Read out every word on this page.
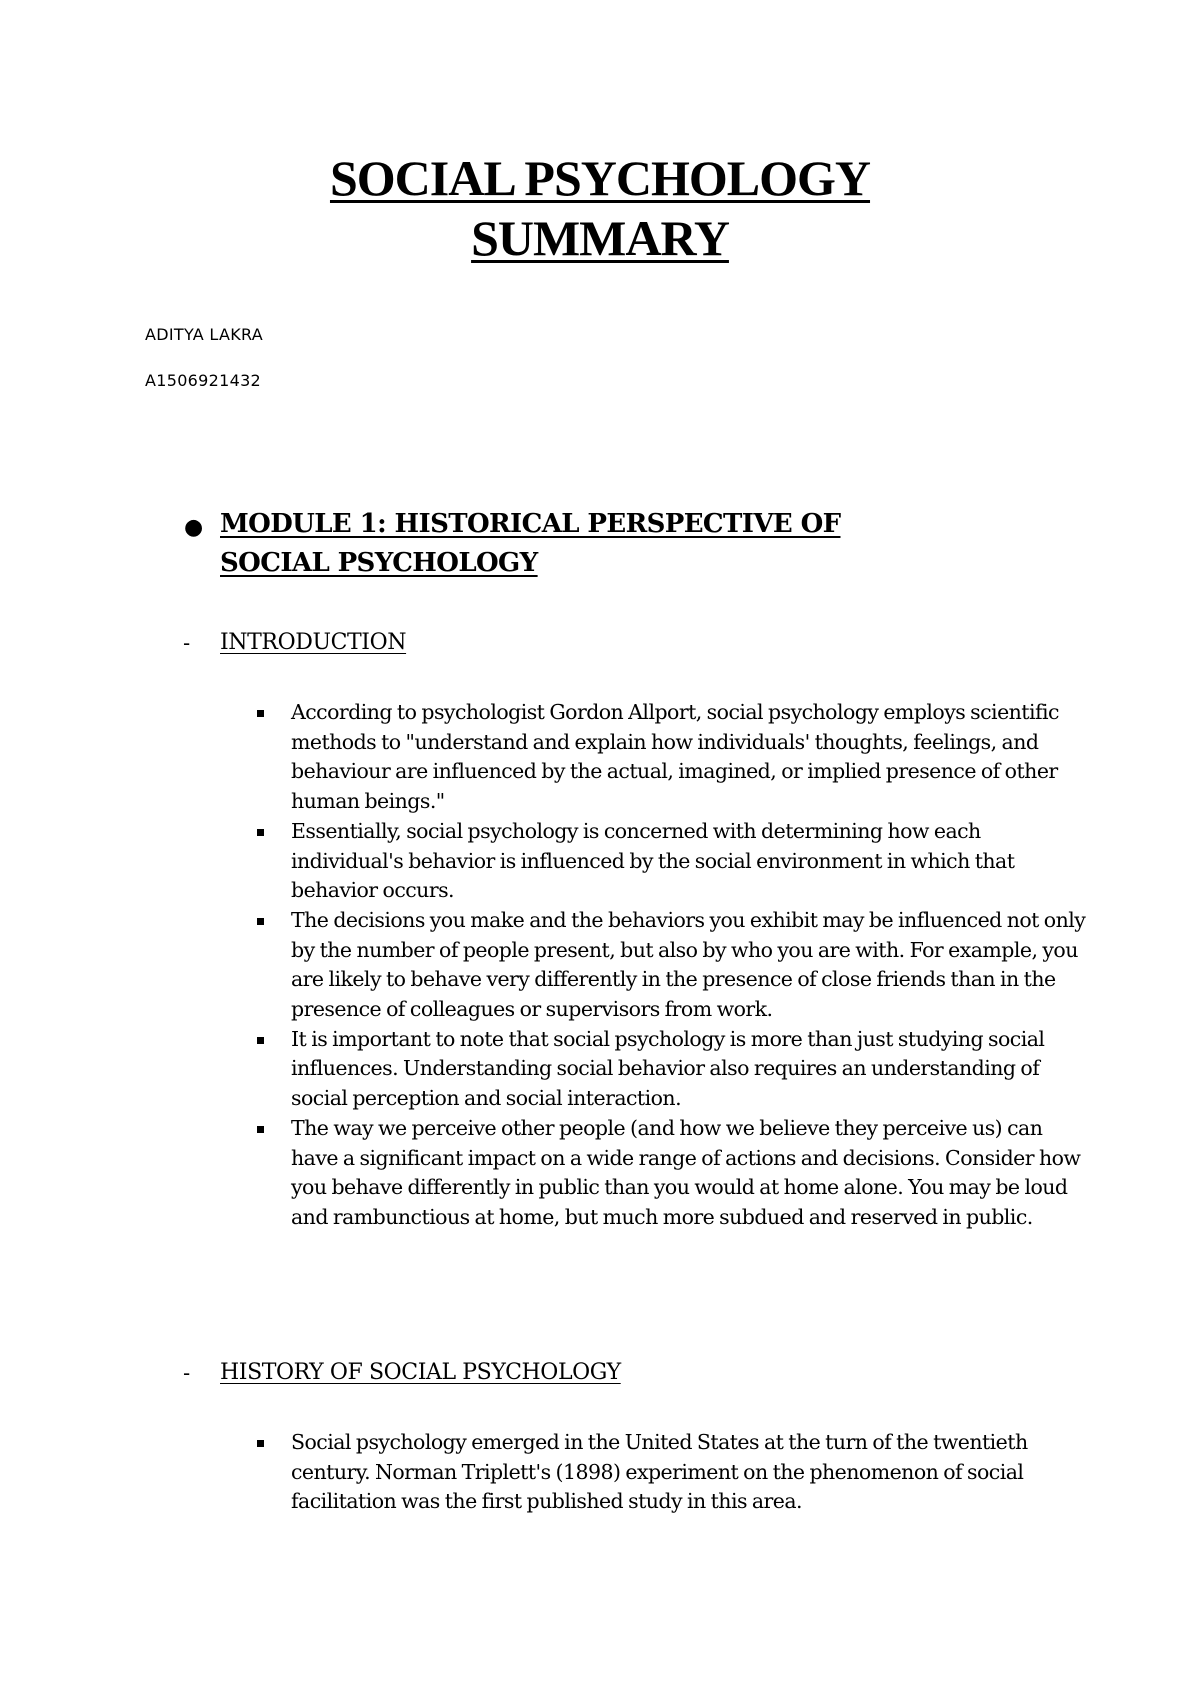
SOCIAL PSYCHOLOGY
SUMMARY
ADITYA LAKRA
A1506921432
● MODULE 1: HISTORICAL PERSPECTIVE OF
SOCIAL PSYCHOLOGY
- INTRODUCTION
According to psychologist Gordon Allport, social psychology employs scientific methods to "understand and explain how individuals' thoughts, feelings, and behaviour are influenced by the actual, imagined, or implied presence of other human beings."
Essentially, social psychology is concerned with determining how each individual's behavior is influenced by the social environment in which that behavior occurs.
The decisions you make and the behaviors you exhibit may be influenced not only by the number of people present, but also by who you are with. For example, you are likely to behave very differently in the presence of close friends than in the presence of colleagues or supervisors from work.
It is important to note that social psychology is more than just studying social influences. Understanding social behavior also requires an understanding of social perception and social interaction.
The way we perceive other people (and how we believe they perceive us) can have a significant impact on a wide range of actions and decisions. Consider how you behave differently in public than you would at home alone. You may be loud and rambunctious at home, but much more subdued and reserved in public.
- HISTORY OF SOCIAL PSYCHOLOGY
Social psychology emerged in the United States at the turn of the twentieth century. Norman Triplett's (1898) experiment on the phenomenon of social facilitation was the first published study in this area.
